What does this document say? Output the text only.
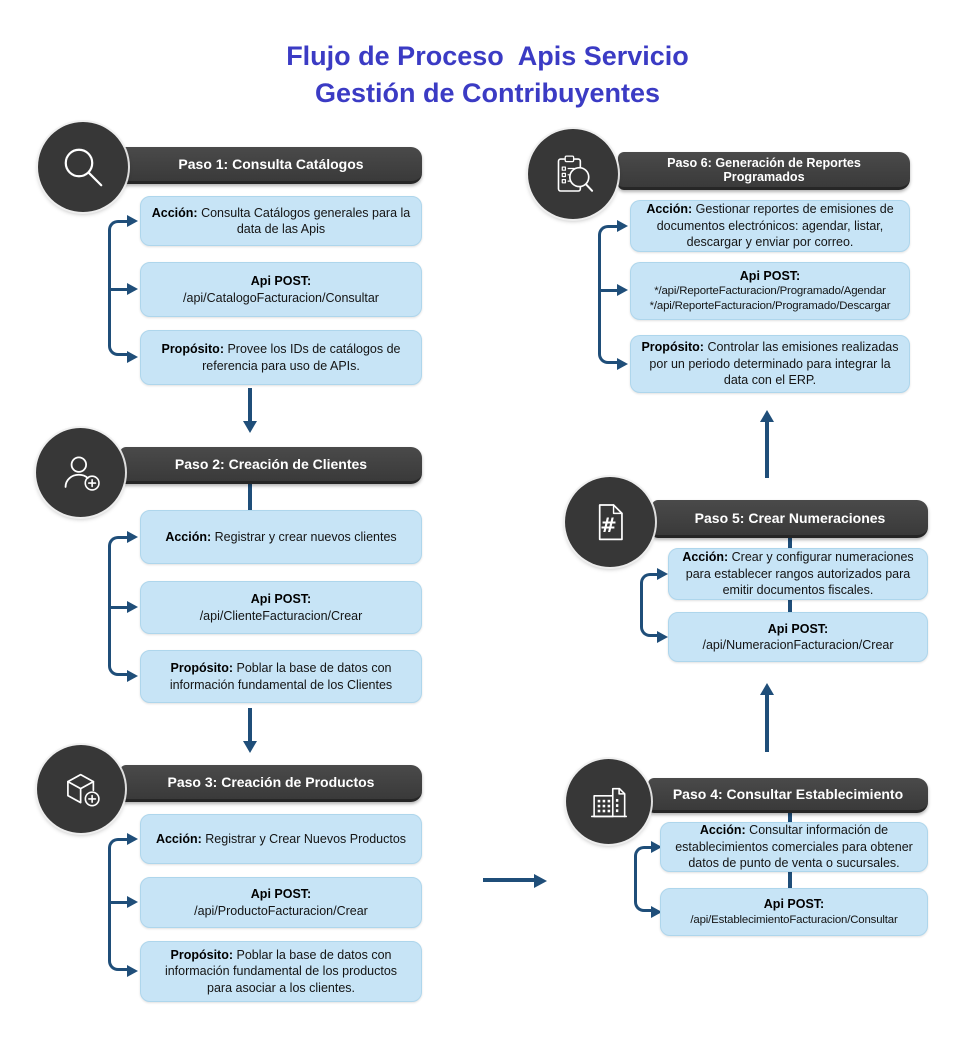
Flujo de Proceso  Apis Servicio
Gestión de Contribuyentes
Paso 1: Consulta Catálogos

Acción: Consulta Catálogos generales para la data de las Apis

Api POST:
/api/CatalogoFacturacion/Consultar

Propósito: Provee los IDs de catálogos de referencia para uso de APIs.

Paso 2: Creación de Clientes

Acción: Registrar y crear nuevos clientes

Api POST:
/api/ClienteFacturacion/Crear

Propósito: Poblar la base de datos con información fundamental de los Clientes

Paso 3: Creación de Productos

Acción: Registrar y Crear Nuevos Productos

Api POST:
/api/ProductoFacturacion/Crear

Propósito: Poblar la base de datos con información fundamental de los productos para asociar a los clientes.

Paso 4: Consultar Establecimiento

Acción: Consultar información de establecimientos comerciales para obtener datos de punto de venta o sucursales.

Api POST:
/api/EstablecimientoFacturacion/Consultar

#	Paso 5: Crear Numeraciones

Acción: Crear y configurar numeraciones para establecer rangos autorizados para emitir documentos fiscales.

Api POST:
/api/NumeracionFacturacion/Crear

Paso 6: Generación de Reportes Programados

Acción: Gestionar reportes de emisiones de documentos electrónicos: agendar, listar, descargar y enviar por correo.

Api POST:
*/api/ReporteFacturacion/Programado/Agendar
*/api/ReporteFacturacion/Programado/Descargar

Propósito: Controlar las emisiones realizadas por un periodo determinado para integrar la data con el ERP.
